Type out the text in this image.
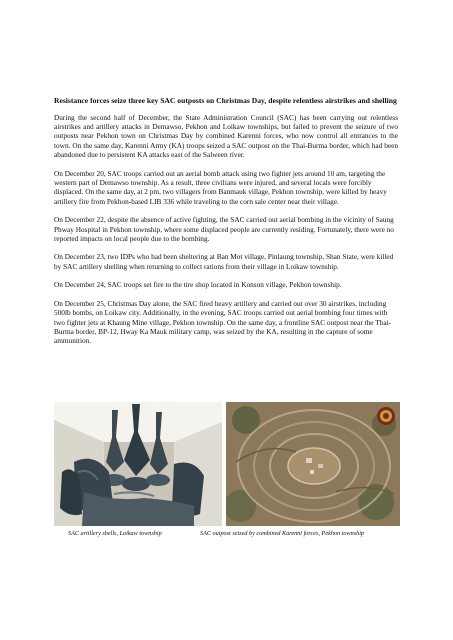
Resistance forces seize three key SAC outposts on Christmas Day, despite relentless airstrikes and shelling

During the second half of December, the State Administration Council (SAC) has been carrying out relentless airstrikes and artillery attacks in Demawso, Pekhon and Loikaw townships, but failed to prevent the seizure of two outposts near Pekhon town on Christmas Day by combined Karenni forces, who now control all entrances to the town. On the same day, Karenni Army (KA) troops seized a SAC outpost on the Thai-Burma border, which had been abandoned due to persistent KA attacks east of the Salween river.

On December 20, SAC troops carried out an aerial bomb attack using two fighter jets around 10 am, targeting the western part of Demawso township. As a result, three civilians were injured, and several locals were forcibly displaced. On the same day, at 2 pm, two villagers from Banmauk village, Pekhon township, were killed by heavy artillery fire from Pekhon-based LIB 336 while traveling to the corn sale center near their village.

On December 22, despite the absence of active fighting, the SAC carried out aerial bombing in the vicinity of Saung Phway Hospital in Pekhon township, where some displaced people are currently residing. Fortunately, there were no reported impacts on local people due to the bombing.

On December 23, two IDPs who had been sheltering at Ban Mot village, Pinlaung township, Shan State, were killed by SAC artillery shelling when returning to collect rations from their village in Loikaw township.

On December 24, SAC troops set fire to the tire shop located in Konson village, Pekhon township.

On December 25, Christmas Day alone, the SAC fired heavy artillery and carried out over 30 airstrikes, including 500lb bombs, on Loikaw city. Additionally, in the evening, SAC troops carried out aerial bombing four times with two fighter jets at Khaung Mine village, Pekhon township. On the same day, a frontline SAC outpost near the Thai-Burma border, BP-12, Hway Ka Mauk military camp, was seized by the KA, resulting in the capture of some ammunition.

SAC artillery shells, Loikaw township	SAC outpost seized by combined Karenni forces, Pekhon township
